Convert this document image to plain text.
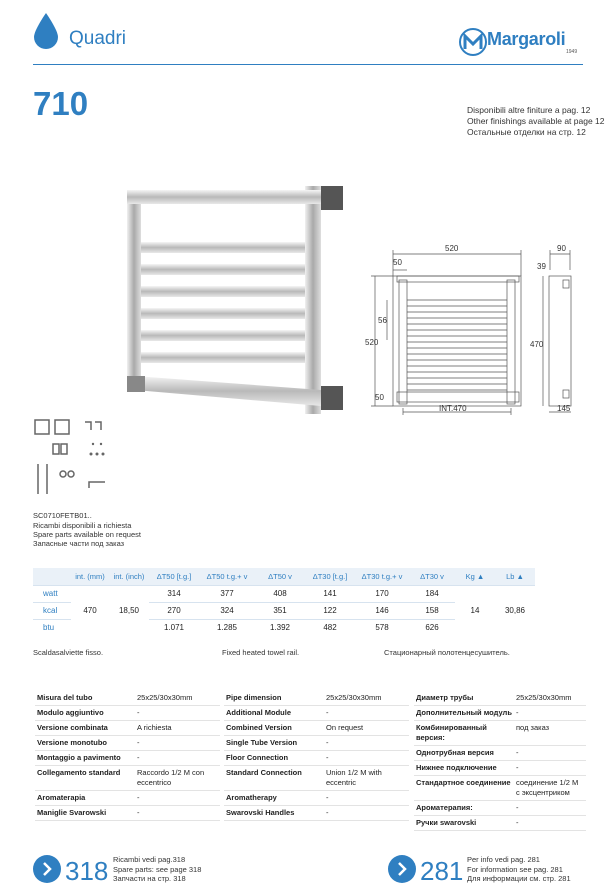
Quadri	Margaroli
1949
710	Disponibili altre finiture a pag. 12
Other finishings available at page 12
Остальные отделки на стр. 12
520
50
520
56
50
INT.470
90
39
470
145
SC0710FETB01..
Ricambi disponibili a richiesta
Spare parts available on request
Запасные части под заказ
	int. (mm)	int. (inch)	ΔT50 [t.g.]	ΔT50 t.g.+ v	ΔT50 v	ΔT30 [t.g.]	ΔT30 t.g.+ v	ΔT30 v	Kg ▲	Lb ▲
watt	470	18,50	314	377	408	141	170	184	14	30,86
kcal			270	324	351	122	146	158		
btu			1.071	1.285	1.392	482	578	626		
Scaldasalviette fisso.	Fixed heated towel rail.	Стационарный полотенцесушитель.
Misura del tubo	25x25/30x30mm
Modulo aggiuntivo	-
Versione combinata	A richiesta
Versione monotubo	-
Montaggio a pavimento	-
Collegamento standard	Raccordo 1/2 M con eccentrico
Aromaterapia	-
Maniglie Svarowski	-
Pipe dimension	25x25/30x30mm
Additional Module	-
Combined Version	On request
Single Tube Version	-
Floor Connection	-
Standard Connection	Union 1/2 M with eccentric
Aromatherapy	-
Swarovski Handles	-
Диаметр трубы	25x25/30x30mm
Дополнительный модуль	-
Комбинированный версия:	под заказ
Однотрубная версия	-
Нижнее подключение	-
Стандартное соединение	соединение 1/2 M с эксцентриком
Ароматерапия:	-
Ручки swarovski	-
318 Ricambi vedi pag.318
Spare parts: see page 318
Запчасти на стр. 318	281 Per info vedi pag. 281
For information see pag. 281
Для информации см. стр. 281
